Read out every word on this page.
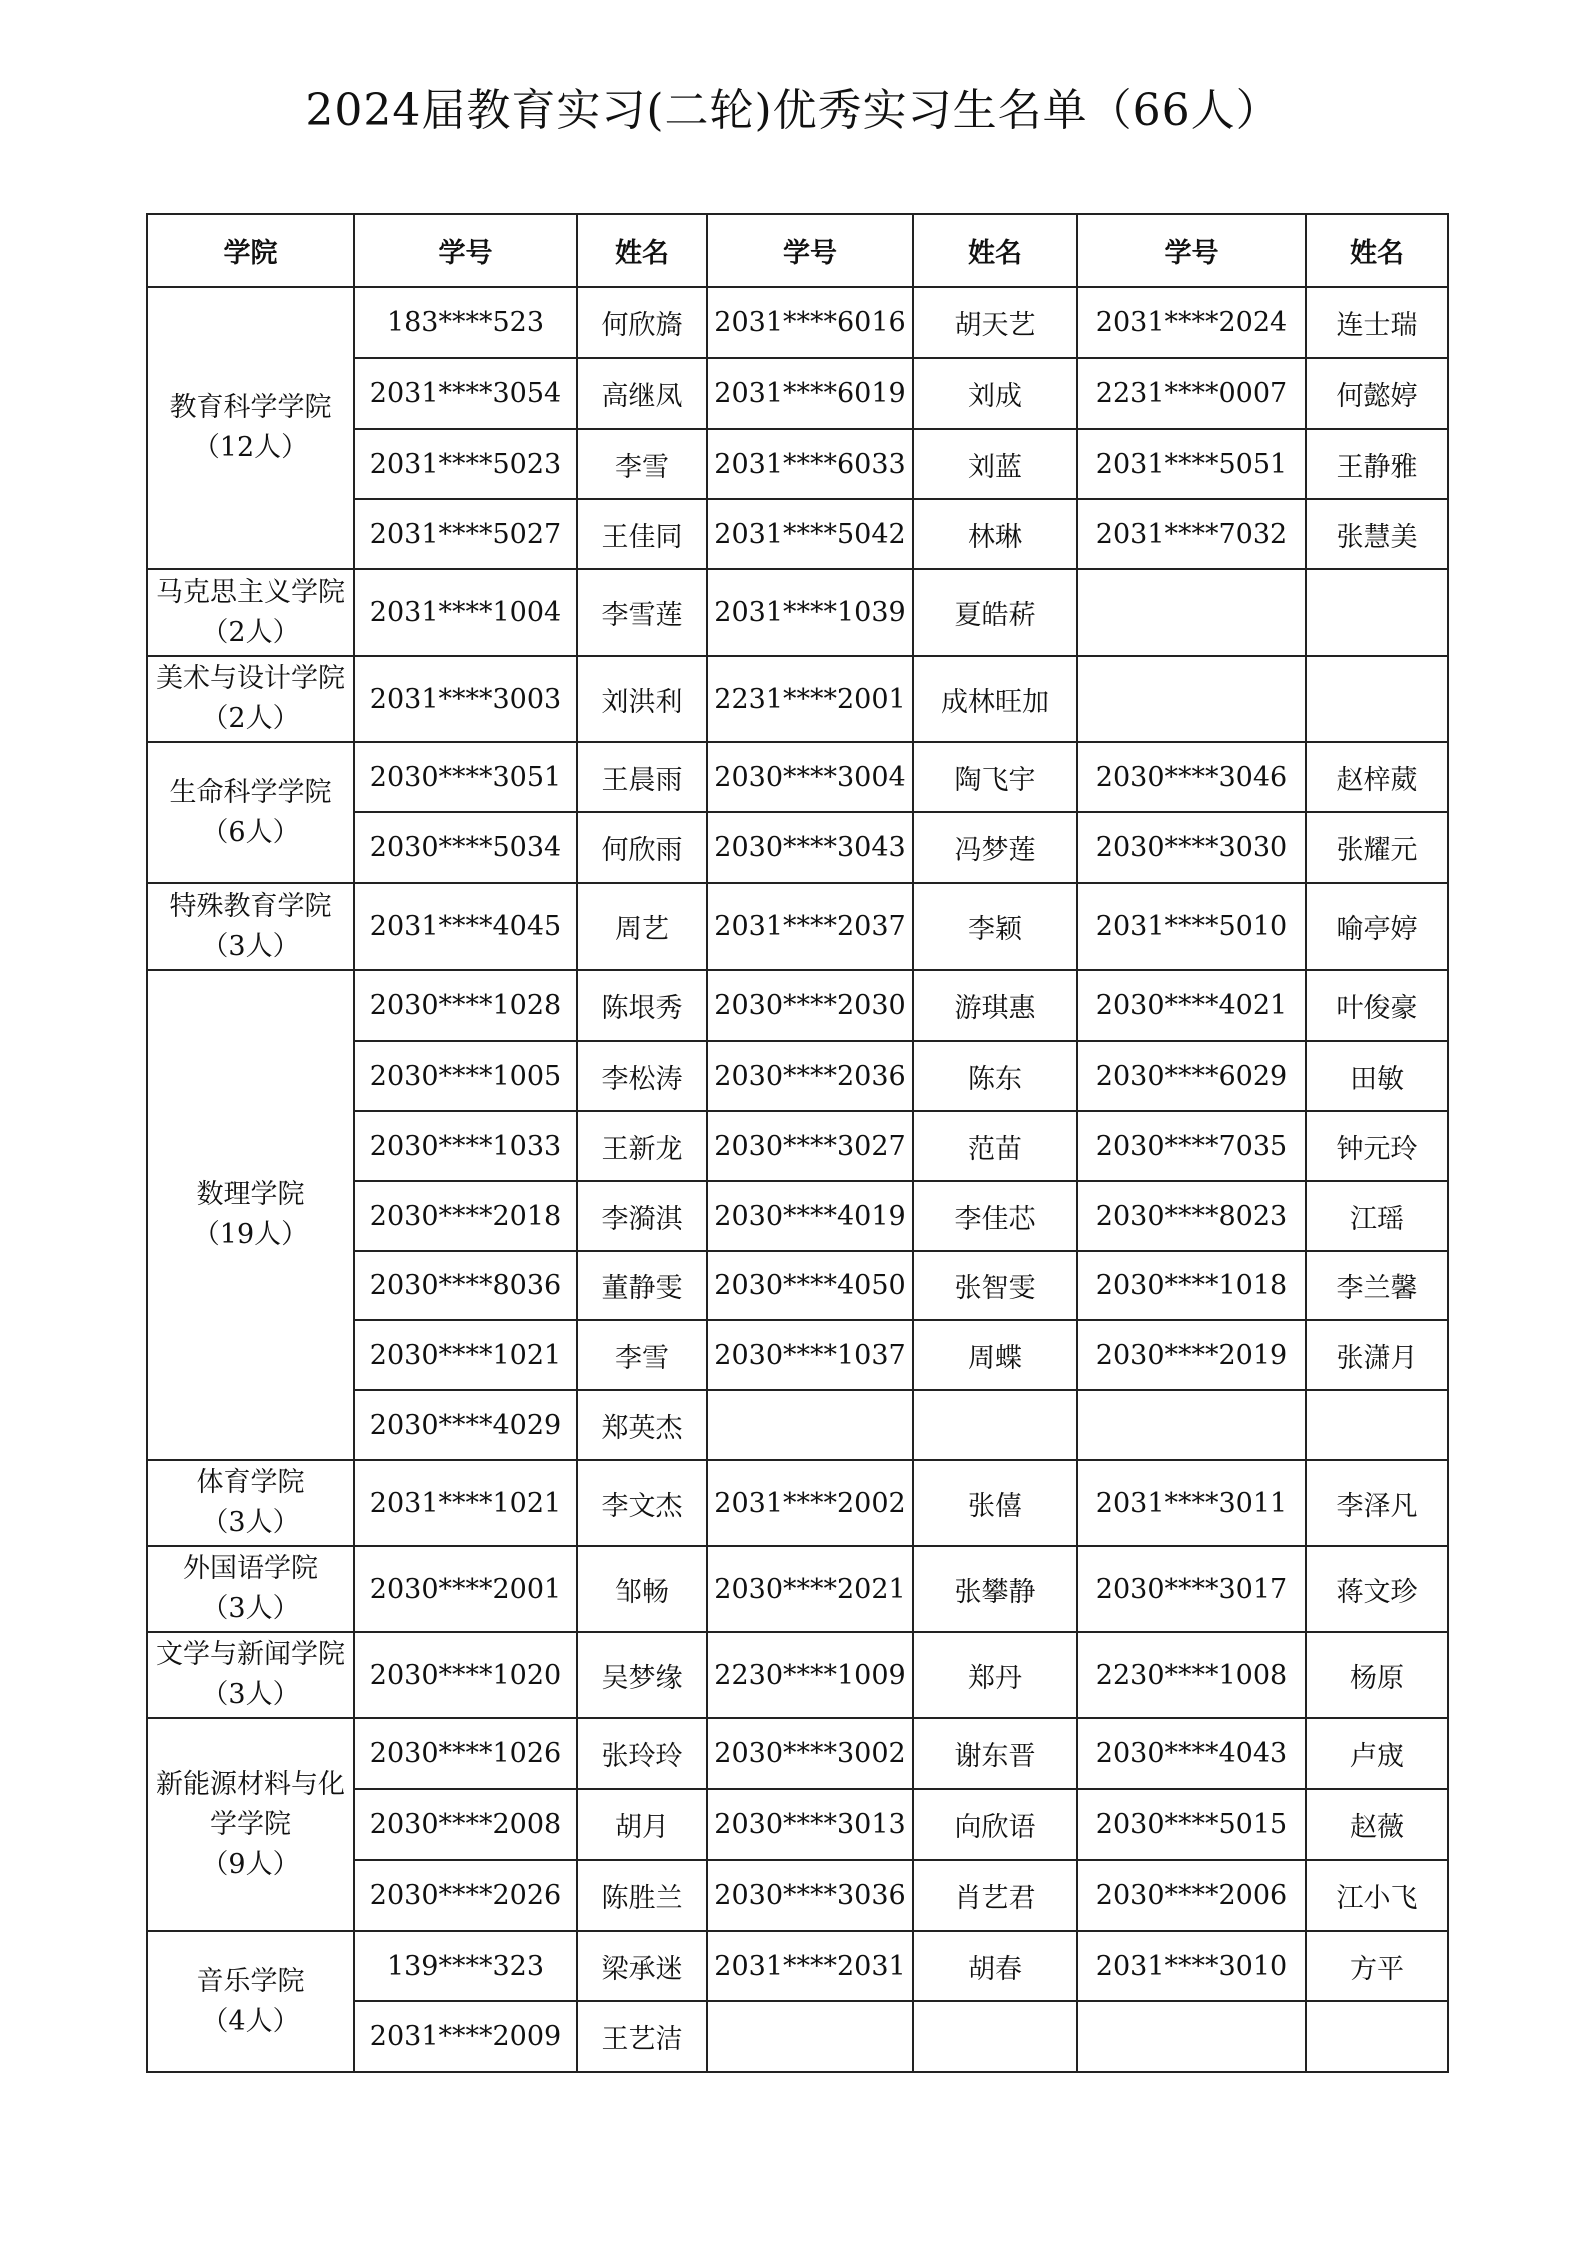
2024届教育实习(二轮)优秀实习生名单（66人）
学院	学号	姓名	学号	姓名	学号	姓名

教育科学学院
（12人）	183****523	何欣旖	2031****6016	胡天艺	2031****2024	连士瑞
	2031****3054	高继凤	2031****6019	刘成	2231****0007	何懿婷
	2031****5023	李雪	2031****6033	刘蓝	2031****5051	王静雅
	2031****5027	王佳同	2031****5042	林琳	2031****7032	张慧美

马克思主义学院
（2人）	2031****1004	李雪莲	2031****1039	夏皓菥		

美术与设计学院
（2人）	2031****3003	刘洪利	2231****2001	成林旺加		

生命科学学院
（6人）	2030****3051	王晨雨	2030****3004	陶飞宇	2030****3046	赵梓葳
	2030****5034	何欣雨	2030****3043	冯梦莲	2030****3030	张耀元

特殊教育学院
（3人）	2031****4045	周艺	2031****2037	李颖	2031****5010	喻亭婷

数理学院
（19人）	2030****1028	陈垠秀	2030****2030	游琪惠	2030****4021	叶俊豪
	2030****1005	李松涛	2030****2036	陈东	2030****6029	田敏
	2030****1033	王新龙	2030****3027	范苗	2030****7035	钟元玲
	2030****2018	李漪淇	2030****4019	李佳芯	2030****8023	江瑶
	2030****8036	董静雯	2030****4050	张智雯	2030****1018	李兰馨
	2030****1021	李雪	2030****1037	周蝶	2030****2019	张潇月
	2030****4029	郑英杰				

体育学院
（3人）	2031****1021	李文杰	2031****2002	张僖	2031****3011	李泽凡

外国语学院
（3人）	2030****2001	邹畅	2030****2021	张攀静	2030****3017	蒋文珍

文学与新闻学院
（3人）	2030****1020	吴梦缘	2230****1009	郑丹	2230****1008	杨原

新能源材料与化学学院
（9人）	2030****1026	张玲玲	2030****3002	谢东晋	2030****4043	卢宬
	2030****2008	胡月	2030****3013	向欣语	2030****5015	赵薇
	2030****2026	陈胜兰	2030****3036	肖艺君	2030****2006	江小飞

音乐学院
（4人）	139****323	梁承迷	2031****2031	胡春	2031****3010	方平
	2031****2009	王艺洁				
